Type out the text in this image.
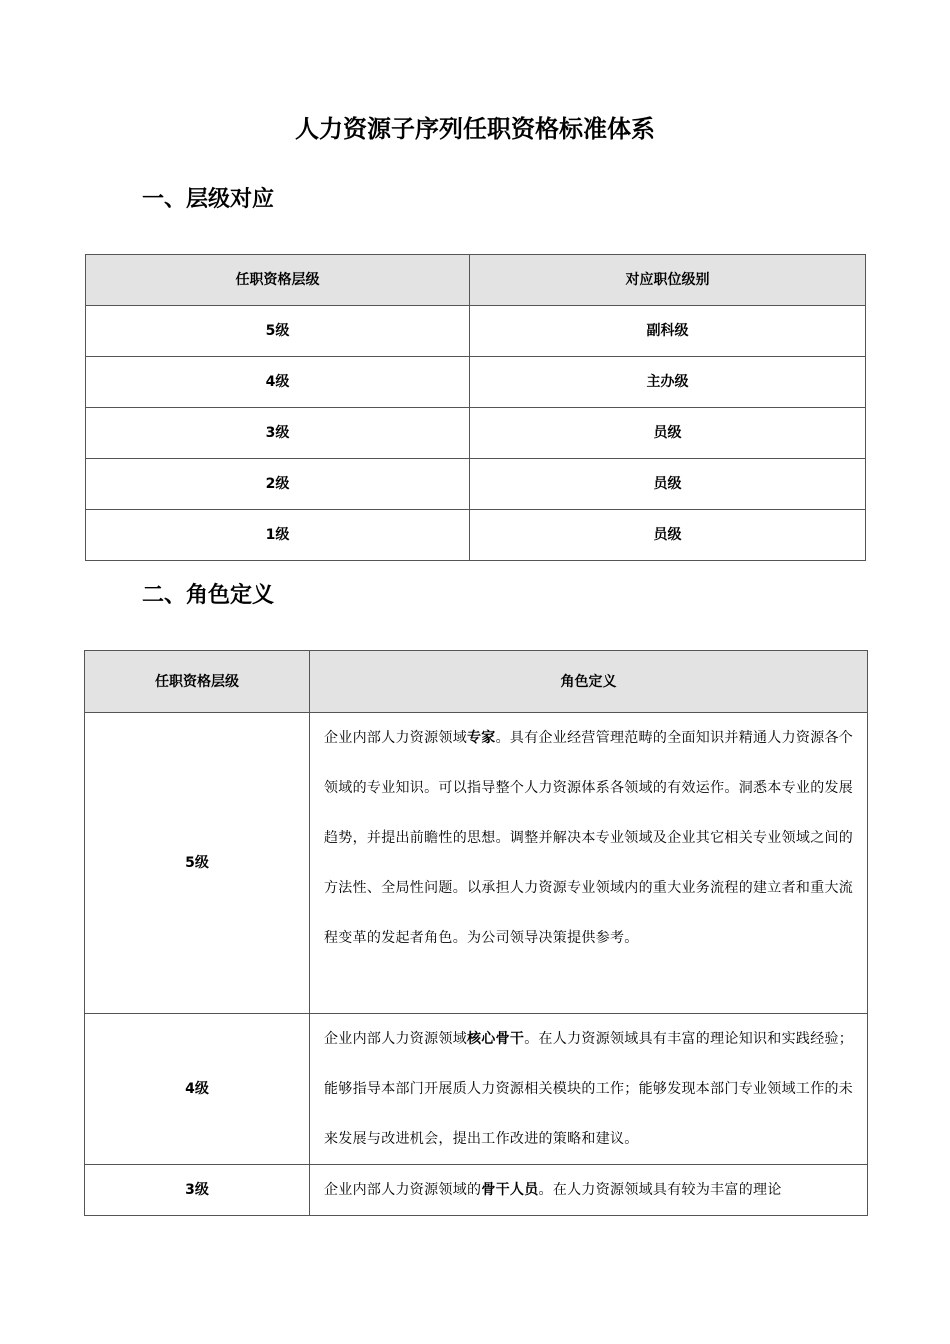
人力资源子序列任职资格标准体系
一、层级对应
任职资格层级	对应职位级别
5级	副科级
4级	主办级
3级	员级
2级	员级
1级	员级
二、角色定义
任职资格层级	角色定义
5级	企业内部人力资源领域专家。具有企业经营管理范畴的全面知识并精通人力资源各个领域的专业知识。可以指导整个人力资源体系各领域的有效运作。洞悉本专业的发展趋势，并提出前瞻性的思想。调整并解决本专业领域及企业其它相关专业领域之间的方法性、全局性问题。以承担人力资源专业领域内的重大业务流程的建立者和重大流程变革的发起者角色。为公司领导决策提供参考。
4级	企业内部人力资源领域核心骨干。在人力资源领域具有丰富的理论知识和实践经验；能够指导本部门开展质人力资源相关模块的工作；能够发现本部门专业领域工作的未来发展与改进机会，提出工作改进的策略和建议。
3级	企业内部人力资源领域的骨干人员。在人力资源领域具有较为丰富的理论
